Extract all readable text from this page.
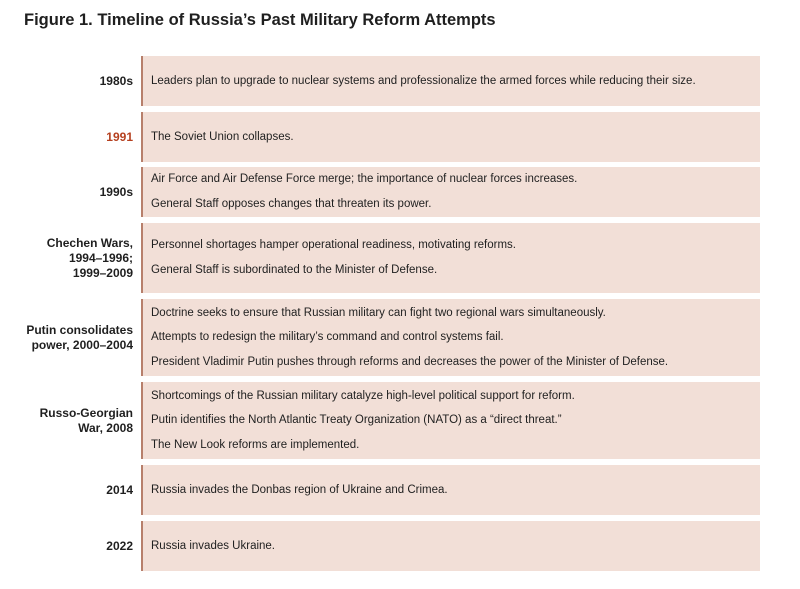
Figure 1. Timeline of Russia’s Past Military Reform Attempts
1980s Leaders plan to upgrade to nuclear systems and professionalize the armed forces while reducing their size.
1991 The Soviet Union collapses.
1990s
Air Force and Air Defense Force merge; the importance of nuclear forces increases.
General Staff opposes changes that threaten its power.
Chechen Wars,
1994–1996;
1999–2009
Personnel shortages hamper operational readiness, motivating reforms.
General Staff is subordinated to the Minister of Defense.
Putin consolidates
power, 2000–2004
Doctrine seeks to ensure that Russian military can fight two regional wars simultaneously.
Attempts to redesign the military’s command and control systems fail.
President Vladimir Putin pushes through reforms and decreases the power of the Minister of Defense.
Russo-Georgian
War, 2008
Shortcomings of the Russian military catalyze high-level political support for reform.
Putin identifies the North Atlantic Treaty Organization (NATO) as a “direct threat.”
The New Look reforms are implemented.
2014 Russia invades the Donbas region of Ukraine and Crimea.
2022 Russia invades Ukraine.
